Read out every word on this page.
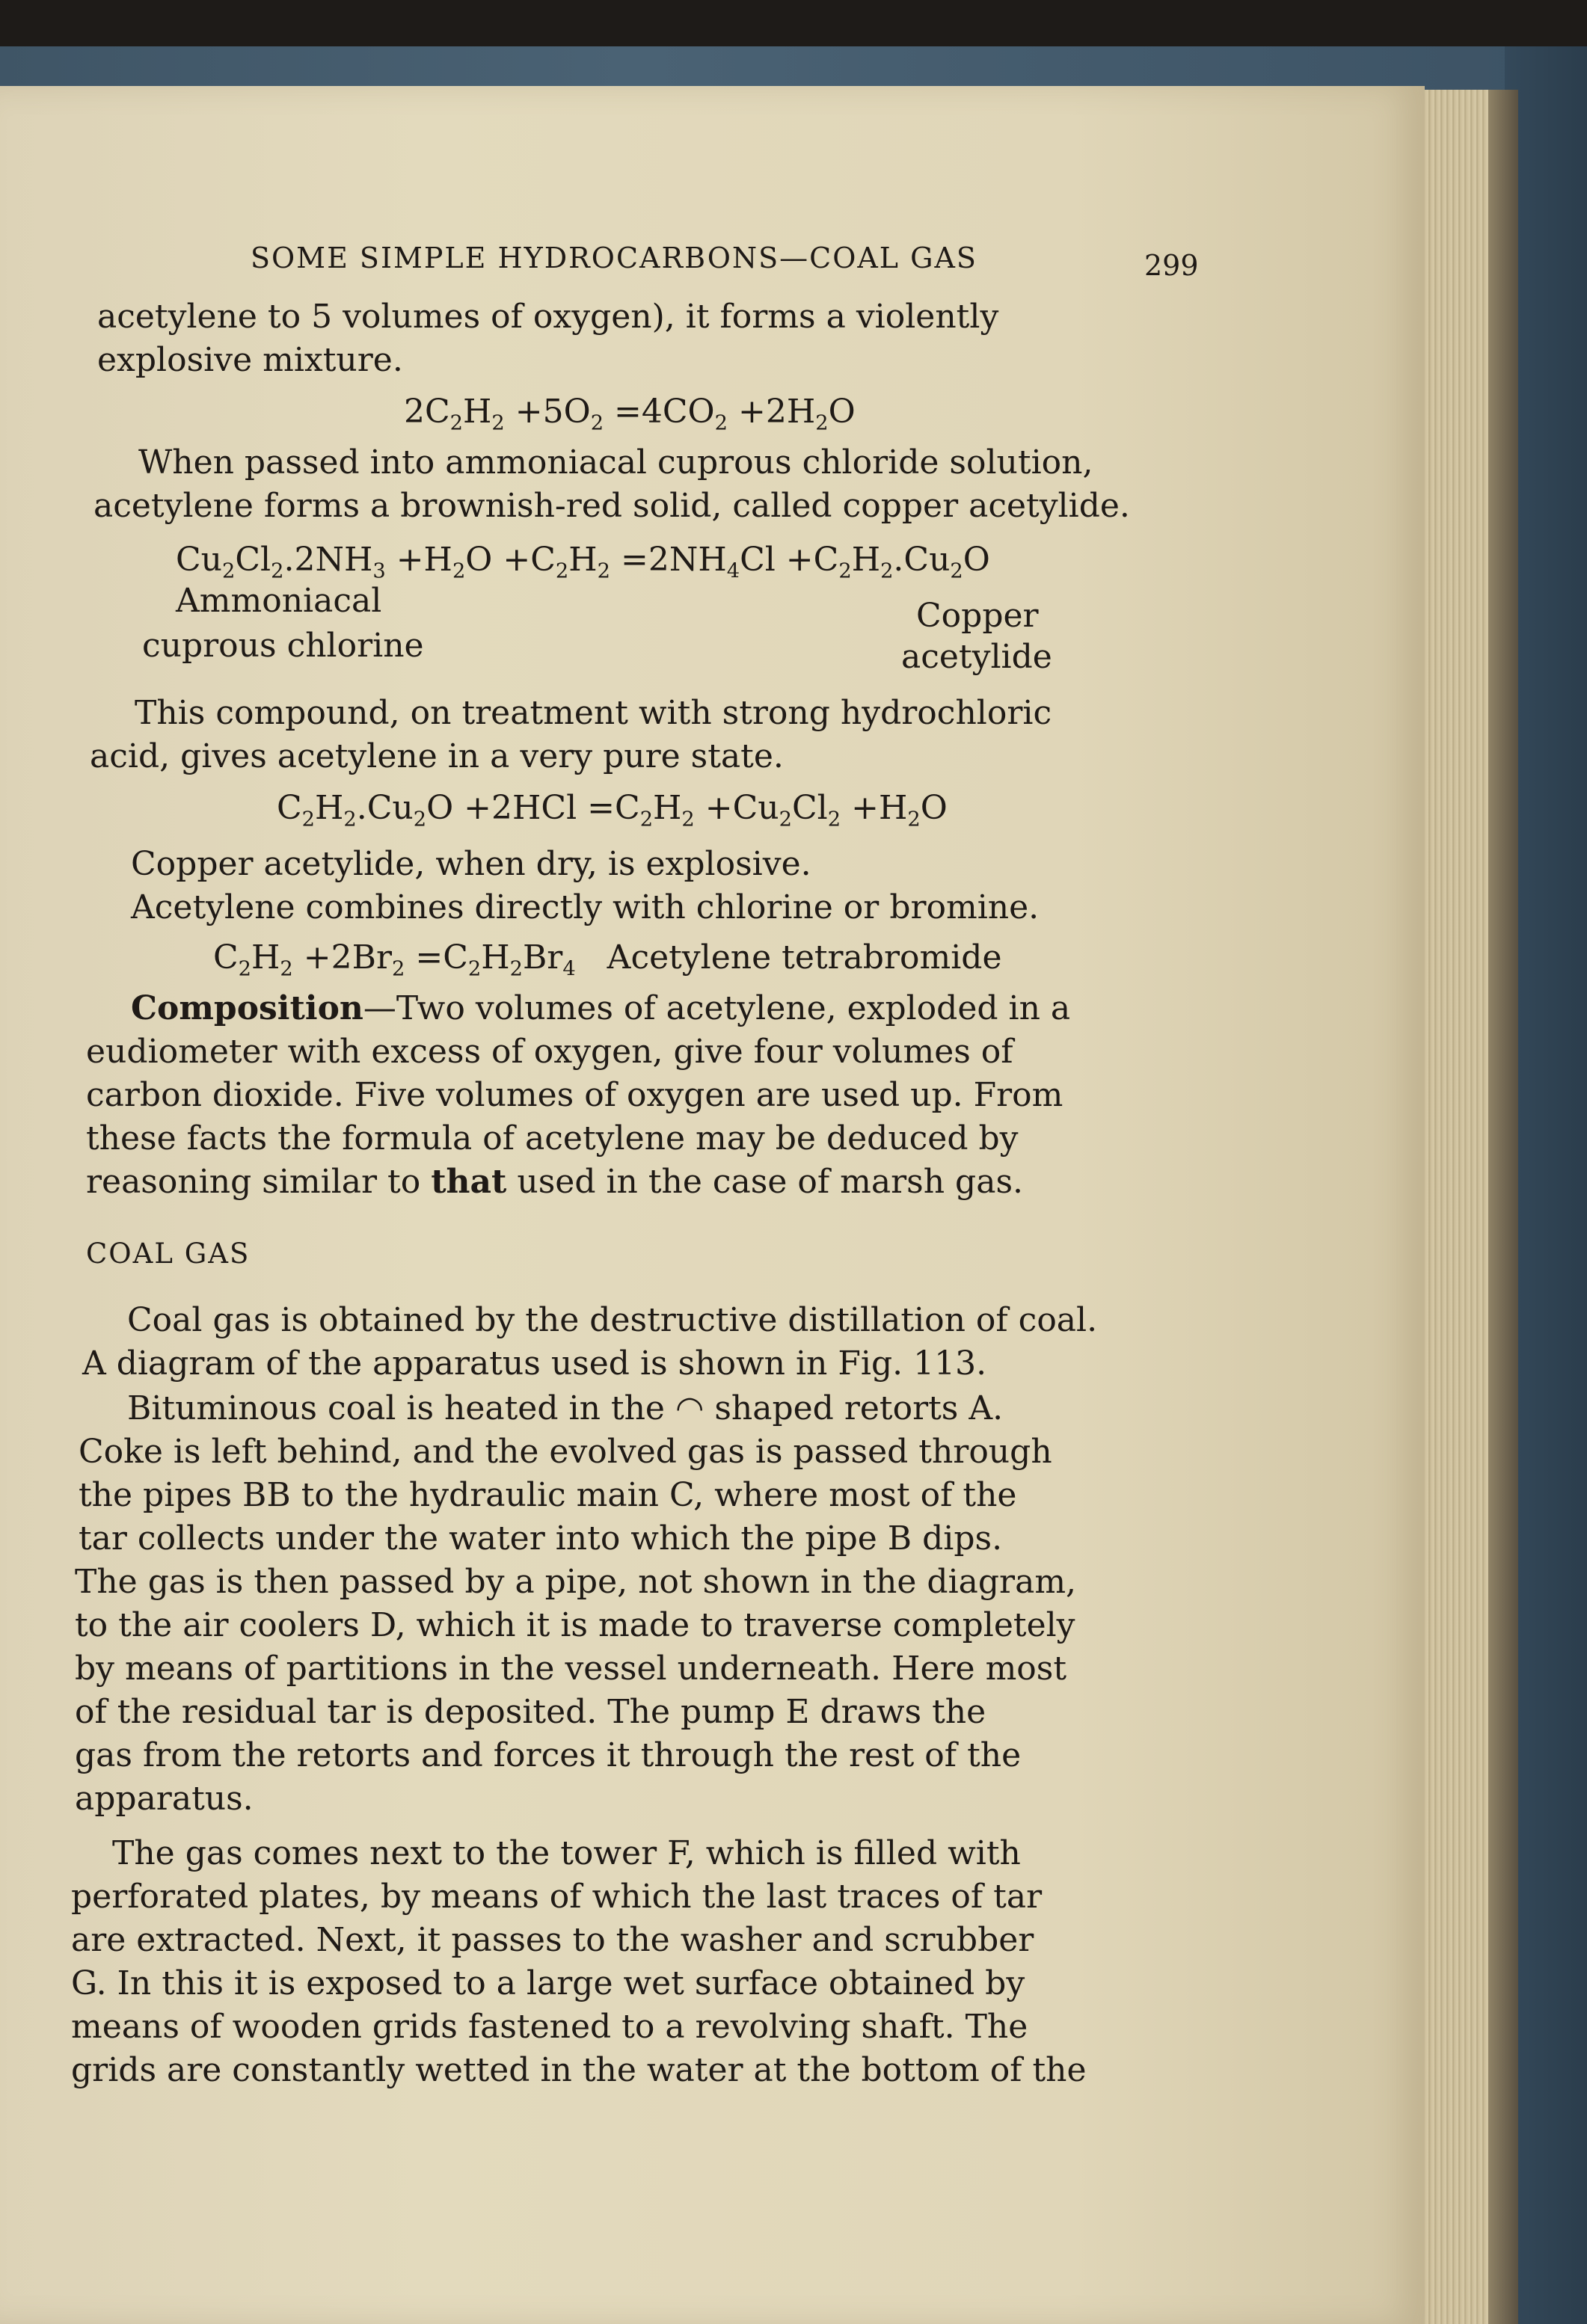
SOME SIMPLE HYDROCARBONS—COAL GAS	299
acetylene to 5 volumes of oxygen), it forms a violently
explosive mixture.
$2C_2H_2 +5O_2 =4CO_2 +2H_2O$
When passed into ammoniacal cuprous chloride solution,
acetylene forms a brownish-red solid, called copper acetylide.
$Cu_2Cl_2.2NH_3 +H_2O +C_2H_2 =2NH_4Cl +C_2H_2.Cu_2O$
Ammoniacal
cuprous chlorine
Copper
acetylide
This compound, on treatment with strong hydrochloric
acid, gives acetylene in a very pure state.
$C_2H_2.Cu_2O +2HCl =C_2H_2 +Cu_2Cl_2 +H_2O$
Copper acetylide, when dry, is explosive.
Acetylene combines directly with chlorine or bromine.
$C_2H_2 +2Br_2 =C_2H_2Br_4$ Acetylene tetrabromide
Composition—Two volumes of acetylene, exploded in a
eudiometer with excess of oxygen, give four volumes of
carbon dioxide. Five volumes of oxygen are used up. From
these facts the formula of acetylene may be deduced by
reasoning similar to that used in the case of marsh gas.
COAL GAS
Coal gas is obtained by the destructive distillation of coal.
A diagram of the apparatus used is shown in Fig. 113.
Bituminous coal is heated in the ◠ shaped retorts A.
Coke is left behind, and the evolved gas is passed through
the pipes BB to the hydraulic main C, where most of the
tar collects under the water into which the pipe B dips.
The gas is then passed by a pipe, not shown in the diagram,
to the air coolers D, which it is made to traverse completely
by means of partitions in the vessel underneath. Here most
of the residual tar is deposited. The pump E draws the
gas from the retorts and forces it through the rest of the
apparatus.
The gas comes next to the tower F, which is filled with
perforated plates, by means of which the last traces of tar
are extracted. Next, it passes to the washer and scrubber
G. In this it is exposed to a large wet surface obtained by
means of wooden grids fastened to a revolving shaft. The
grids are constantly wetted in the water at the bottom of the
